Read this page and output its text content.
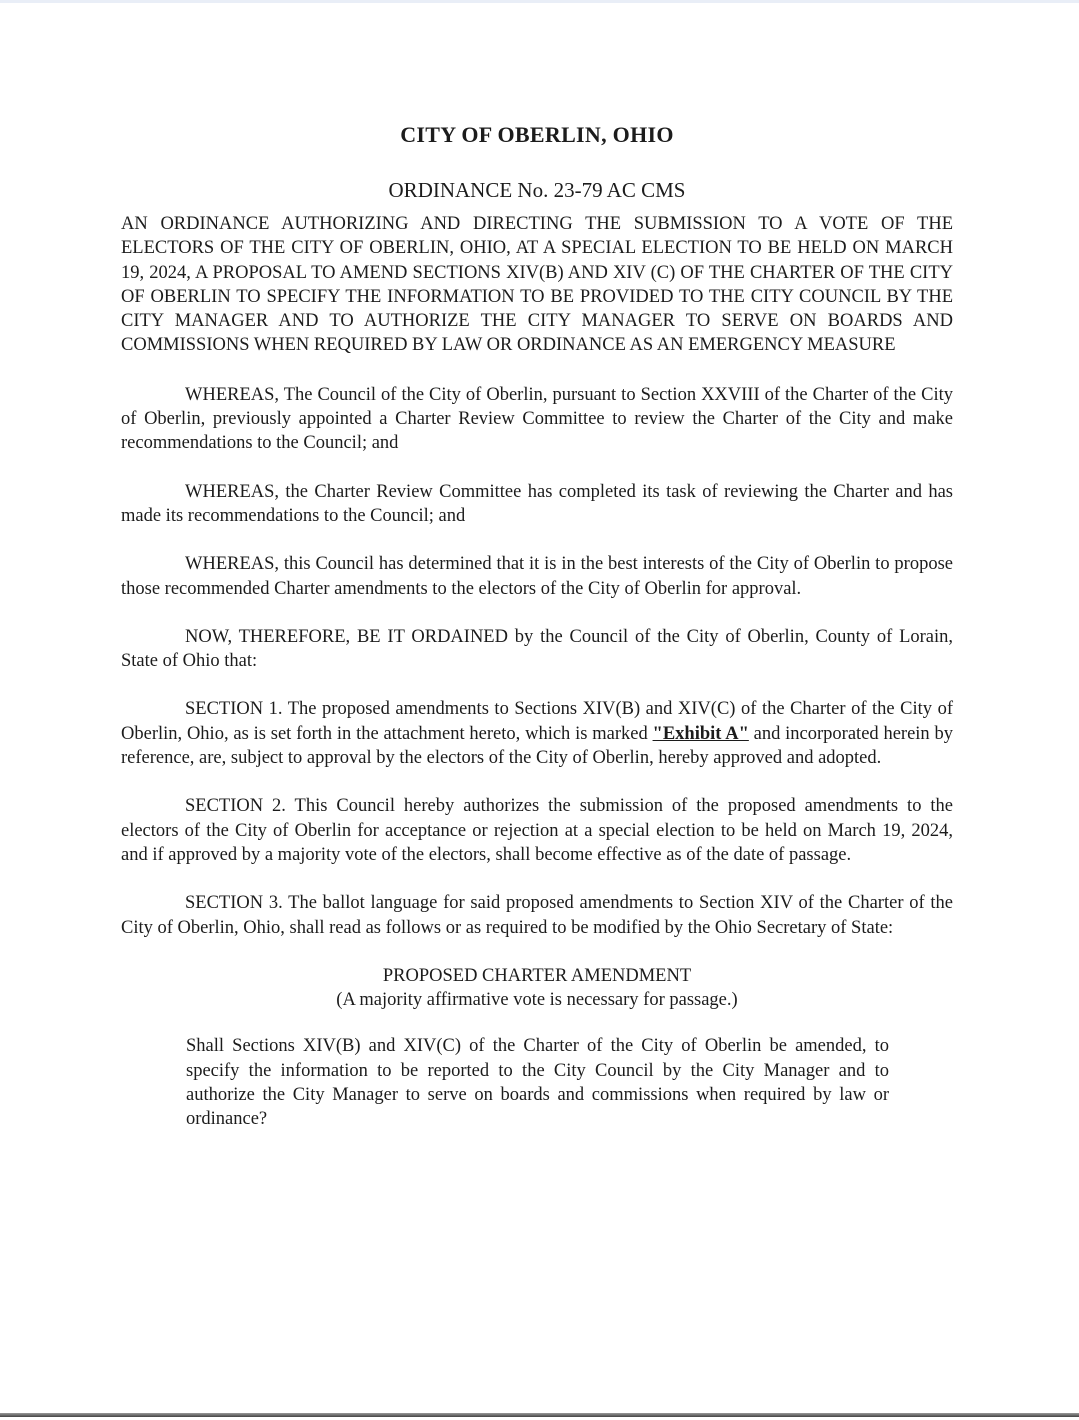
CITY OF OBERLIN, OHIO
ORDINANCE No. 23-79 AC CMS

AN ORDINANCE AUTHORIZING AND DIRECTING THE SUBMISSION TO A VOTE OF THE ELECTORS OF THE CITY OF OBERLIN, OHIO, AT A SPECIAL ELECTION TO BE HELD ON MARCH 19, 2024, A PROPOSAL TO AMEND SECTIONS XIV(B) AND XIV (C) OF THE CHARTER OF THE CITY OF OBERLIN TO SPECIFY THE INFORMATION TO BE PROVIDED TO THE CITY COUNCIL BY THE CITY MANAGER AND TO AUTHORIZE THE CITY MANAGER TO SERVE ON BOARDS AND COMMISSIONS WHEN REQUIRED BY LAW OR ORDINANCE AS AN EMERGENCY MEASURE

WHEREAS, The Council of the City of Oberlin, pursuant to Section XXVIII of the Charter of the City of Oberlin, previously appointed a Charter Review Committee to review the Charter of the City and make recommendations to the Council; and

WHEREAS, the Charter Review Committee has completed its task of reviewing the Charter and has made its recommendations to the Council; and

WHEREAS, this Council has determined that it is in the best interests of the City of Oberlin to propose those recommended Charter amendments to the electors of the City of Oberlin for approval.

NOW, THEREFORE, BE IT ORDAINED by the Council of the City of Oberlin, County of Lorain, State of Ohio that:

SECTION 1. The proposed amendments to Sections XIV(B) and XIV(C) of the Charter of the City of Oberlin, Ohio, as is set forth in the attachment hereto, which is marked "Exhibit A" and incorporated herein by reference, are, subject to approval by the electors of the City of Oberlin, hereby approved and adopted.

SECTION 2. This Council hereby authorizes the submission of the proposed amendments to the electors of the City of Oberlin for acceptance or rejection at a special election to be held on March 19, 2024, and if approved by a majority vote of the electors, shall become effective as of the date of passage.

SECTION 3. The ballot language for said proposed amendments to Section XIV of the Charter of the City of Oberlin, Ohio, shall read as follows or as required to be modified by the Ohio Secretary of State:

PROPOSED CHARTER AMENDMENT

(A majority affirmative vote is necessary for passage.)

Shall Sections XIV(B) and XIV(C) of the Charter of the City of Oberlin be amended, to specify the information to be reported to the City Council by the City Manager and to authorize the City Manager to serve on boards and commissions when required by law or ordinance?
